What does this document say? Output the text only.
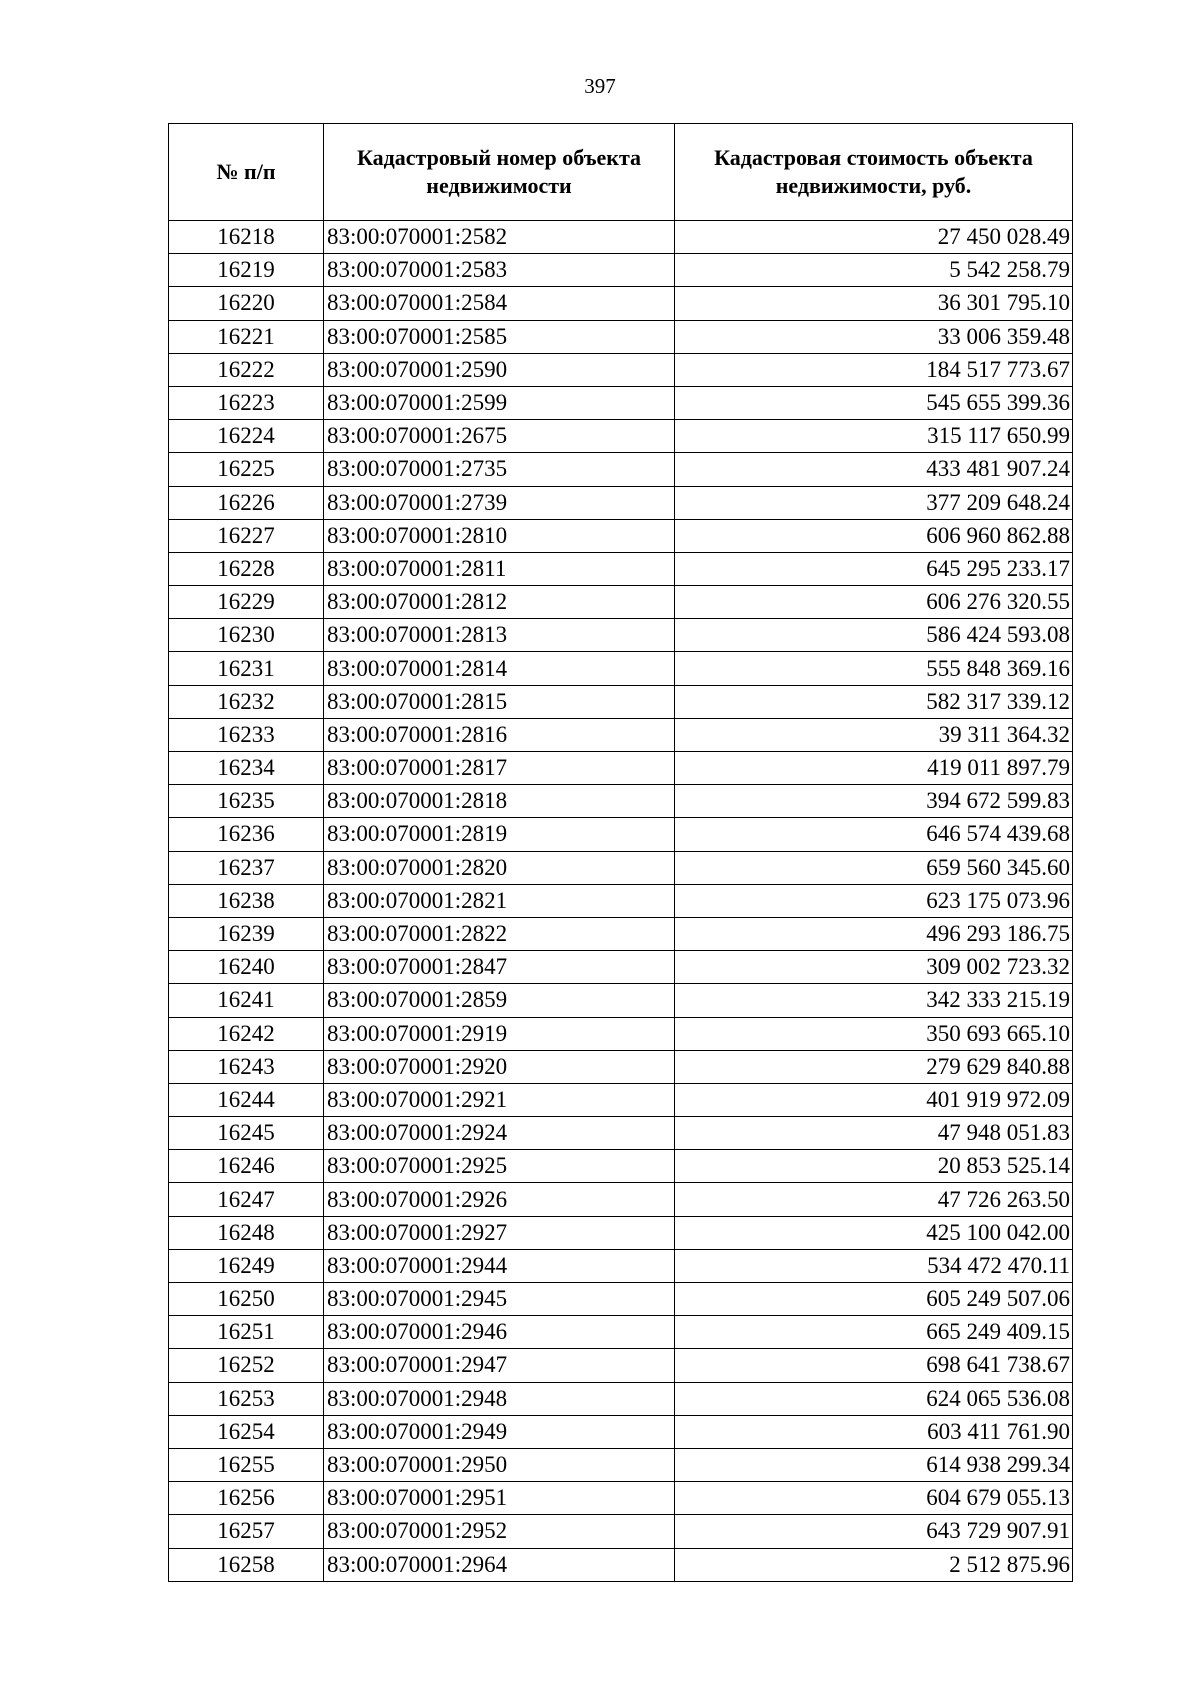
397
№ п/п	Кадастровый номер объекта недвижимости	Кадастровая стоимость объекта недвижимости, руб.
16218	83:00:070001:2582	27 450 028.49
16219	83:00:070001:2583	5 542 258.79
16220	83:00:070001:2584	36 301 795.10
16221	83:00:070001:2585	33 006 359.48
16222	83:00:070001:2590	184 517 773.67
16223	83:00:070001:2599	545 655 399.36
16224	83:00:070001:2675	315 117 650.99
16225	83:00:070001:2735	433 481 907.24
16226	83:00:070001:2739	377 209 648.24
16227	83:00:070001:2810	606 960 862.88
16228	83:00:070001:2811	645 295 233.17
16229	83:00:070001:2812	606 276 320.55
16230	83:00:070001:2813	586 424 593.08
16231	83:00:070001:2814	555 848 369.16
16232	83:00:070001:2815	582 317 339.12
16233	83:00:070001:2816	39 311 364.32
16234	83:00:070001:2817	419 011 897.79
16235	83:00:070001:2818	394 672 599.83
16236	83:00:070001:2819	646 574 439.68
16237	83:00:070001:2820	659 560 345.60
16238	83:00:070001:2821	623 175 073.96
16239	83:00:070001:2822	496 293 186.75
16240	83:00:070001:2847	309 002 723.32
16241	83:00:070001:2859	342 333 215.19
16242	83:00:070001:2919	350 693 665.10
16243	83:00:070001:2920	279 629 840.88
16244	83:00:070001:2921	401 919 972.09
16245	83:00:070001:2924	47 948 051.83
16246	83:00:070001:2925	20 853 525.14
16247	83:00:070001:2926	47 726 263.50
16248	83:00:070001:2927	425 100 042.00
16249	83:00:070001:2944	534 472 470.11
16250	83:00:070001:2945	605 249 507.06
16251	83:00:070001:2946	665 249 409.15
16252	83:00:070001:2947	698 641 738.67
16253	83:00:070001:2948	624 065 536.08
16254	83:00:070001:2949	603 411 761.90
16255	83:00:070001:2950	614 938 299.34
16256	83:00:070001:2951	604 679 055.13
16257	83:00:070001:2952	643 729 907.91
16258	83:00:070001:2964	2 512 875.96
